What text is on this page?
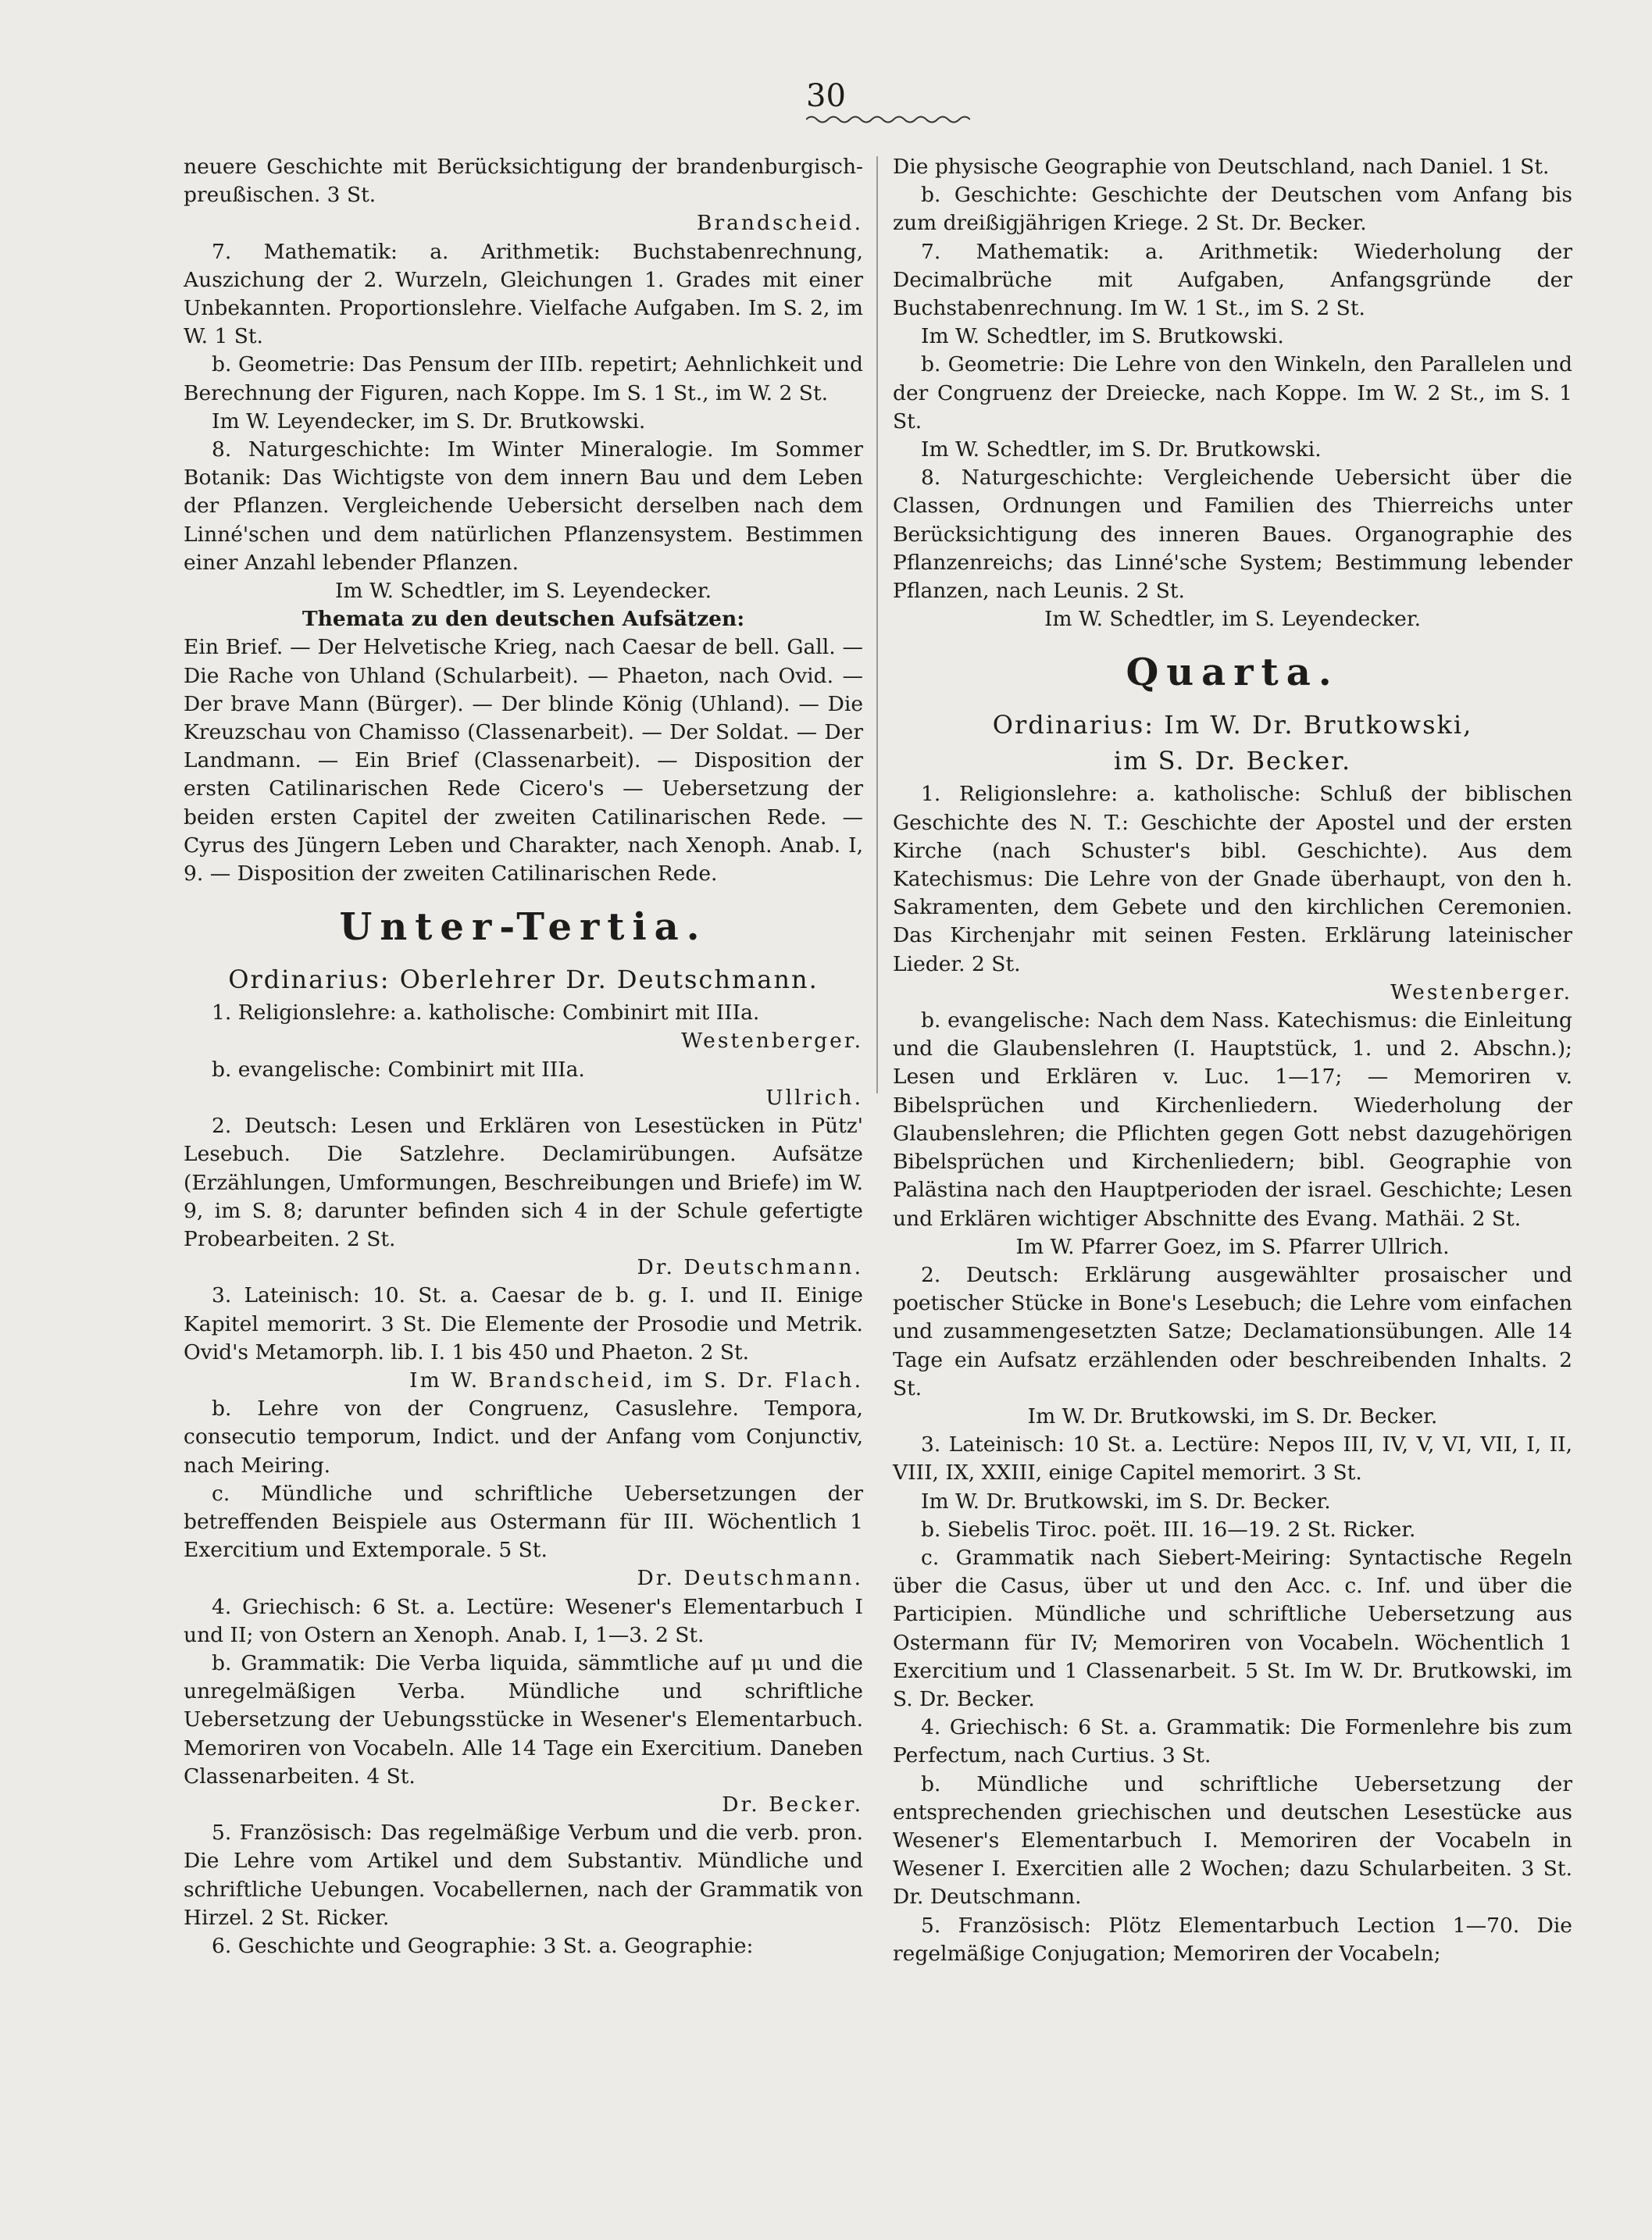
30

neuere Geschichte mit Berücksichtigung der brandenburgisch-preußischen. 3 St.

Brandscheid.

7. Mathematik: a. Arithmetik: Buchstabenrechnung, Auszichung der 2. Wurzeln, Gleichungen 1. Grades mit einer Unbekannten. Proportionslehre. Vielfache Aufgaben. Im S. 2, im W. 1 St.

b. Geometrie: Das Pensum der IIIb. repetirt; Aehnlichkeit und Berechnung der Figuren, nach Koppe. Im S. 1 St., im W. 2 St.

Im W. Leyendecker, im S. Dr. Brutkowski.

8. Naturgeschichte: Im Winter Mineralogie. Im Sommer Botanik: Das Wichtigste von dem innern Bau und dem Leben der Pflanzen. Vergleichende Uebersicht derselben nach dem Linné'schen und dem natürlichen Pflanzensystem. Bestimmen einer Anzahl lebender Pflanzen.

Im W. Schedtler, im S. Leyendecker.

Themata zu den deutschen Aufsätzen:

Ein Brief. — Der Helvetische Krieg, nach Caesar de bell. Gall. — Die Rache von Uhland (Schularbeit). — Phaeton, nach Ovid. — Der brave Mann (Bürger). — Der blinde König (Uhland). — Die Kreuzschau von Chamisso (Classenarbeit). — Der Soldat. — Der Landmann. — Ein Brief (Classenarbeit). — Disposition der ersten Catilinarischen Rede Cicero's — Uebersetzung der beiden ersten Capitel der zweiten Catilinarischen Rede. — Cyrus des Jüngern Leben und Charakter, nach Xenoph. Anab. I, 9. — Disposition der zweiten Catilinarischen Rede.

Unter-Tertia.

Ordinarius: Oberlehrer Dr. Deutschmann.

1. Religionslehre: a. katholische: Combinirt mit IIIa.

Westenberger.

b. evangelische: Combinirt mit IIIa.

Ullrich.

2. Deutsch: Lesen und Erklären von Lesestücken in Pütz' Lesebuch. Die Satzlehre. Declamirübungen. Aufsätze (Erzählungen, Umformungen, Beschreibungen und Briefe) im W. 9, im S. 8; darunter befinden sich 4 in der Schule gefertigte Probearbeiten. 2 St.

Dr. Deutschmann.

3. Lateinisch: 10. St. a. Caesar de b. g. I. und II. Einige Kapitel memorirt. 3 St. Die Elemente der Prosodie und Metrik. Ovid's Metamorph. lib. I. 1 bis 450 und Phaeton. 2 St.

Im W. Brandscheid, im S. Dr. Flach.

b. Lehre von der Congruenz, Casuslehre. Tempora, consecutio temporum, Indict. und der Anfang vom Conjunctiv, nach Meiring.

c. Mündliche und schriftliche Uebersetzungen der betreffenden Beispiele aus Ostermann für III. Wöchentlich 1 Exercitium und Extemporale. 5 St.

Dr. Deutschmann.

4. Griechisch: 6 St. a. Lectüre: Wesener's Elementarbuch I und II; von Ostern an Xenoph. Anab. I, 1—3. 2 St.

b. Grammatik: Die Verba liquida, sämmtliche auf μι und die unregelmäßigen Verba. Mündliche und schriftliche Uebersetzung der Uebungsstücke in Wesener's Elementarbuch. Memoriren von Vocabeln. Alle 14 Tage ein Exercitium. Daneben Classenarbeiten. 4 St.

Dr. Becker.

5. Französisch: Das regelmäßige Verbum und die verb. pron. Die Lehre vom Artikel und dem Substantiv. Mündliche und schriftliche Uebungen. Vocabellernen, nach der Grammatik von Hirzel. 2 St. Ricker.

6. Geschichte und Geographie: 3 St. a. Geographie:

Die physische Geographie von Deutschland, nach Daniel. 1 St.

b. Geschichte: Geschichte der Deutschen vom Anfang bis zum dreißigjährigen Kriege. 2 St. Dr. Becker.

7. Mathematik: a. Arithmetik: Wiederholung der Decimalbrüche mit Aufgaben, Anfangsgründe der Buchstabenrechnung. Im W. 1 St., im S. 2 St.

Im W. Schedtler, im S. Brutkowski.

b. Geometrie: Die Lehre von den Winkeln, den Parallelen und der Congruenz der Dreiecke, nach Koppe. Im W. 2 St., im S. 1 St.

Im W. Schedtler, im S. Dr. Brutkowski.

8. Naturgeschichte: Vergleichende Uebersicht über die Classen, Ordnungen und Familien des Thierreichs unter Berücksichtigung des inneren Baues. Organographie des Pflanzenreichs; das Linné'sche System; Bestimmung lebender Pflanzen, nach Leunis. 2 St.

Im W. Schedtler, im S. Leyendecker.

Quarta.

Ordinarius: Im W. Dr. Brutkowski,

im S. Dr. Becker.

1. Religionslehre: a. katholische: Schluß der biblischen Geschichte des N. T.: Geschichte der Apostel und der ersten Kirche (nach Schuster's bibl. Geschichte). Aus dem Katechismus: Die Lehre von der Gnade überhaupt, von den h. Sakramenten, dem Gebete und den kirchlichen Ceremonien. Das Kirchenjahr mit seinen Festen. Erklärung lateinischer Lieder. 2 St.

Westenberger.

b. evangelische: Nach dem Nass. Katechismus: die Einleitung und die Glaubenslehren (I. Hauptstück, 1. und 2. Abschn.); Lesen und Erklären v. Luc. 1—17; — Memoriren v. Bibelsprüchen und Kirchenliedern. Wiederholung der Glaubenslehren; die Pflichten gegen Gott nebst dazugehörigen Bibelsprüchen und Kirchenliedern; bibl. Geographie von Palästina nach den Hauptperioden der israel. Geschichte; Lesen und Erklären wichtiger Abschnitte des Evang. Mathäi. 2 St.

Im W. Pfarrer Goez, im S. Pfarrer Ullrich.

2. Deutsch: Erklärung ausgewählter prosaischer und poetischer Stücke in Bone's Lesebuch; die Lehre vom einfachen und zusammengesetzten Satze; Declamationsübungen. Alle 14 Tage ein Aufsatz erzählenden oder beschreibenden Inhalts. 2 St.

Im W. Dr. Brutkowski, im S. Dr. Becker.

3. Lateinisch: 10 St. a. Lectüre: Nepos III, IV, V, VI, VII, I, II, VIII, IX, XXIII, einige Capitel memorirt. 3 St.

Im W. Dr. Brutkowski, im S. Dr. Becker.

b. Siebelis Tiroc. poët. III. 16—19. 2 St. Ricker.

c. Grammatik nach Siebert-Meiring: Syntactische Regeln über die Casus, über ut und den Acc. c. Inf. und über die Participien. Mündliche und schriftliche Uebersetzung aus Ostermann für IV; Memoriren von Vocabeln. Wöchentlich 1 Exercitium und 1 Classenarbeit. 5 St. Im W. Dr. Brutkowski, im S. Dr. Becker.

4. Griechisch: 6 St. a. Grammatik: Die Formenlehre bis zum Perfectum, nach Curtius. 3 St.

b. Mündliche und schriftliche Uebersetzung der entsprechenden griechischen und deutschen Lesestücke aus Wesener's Elementarbuch I. Memoriren der Vocabeln in Wesener I. Exercitien alle 2 Wochen; dazu Schularbeiten. 3 St. Dr. Deutschmann.

5. Französisch: Plötz Elementarbuch Lection 1—70. Die regelmäßige Conjugation; Memoriren der Vocabeln;
